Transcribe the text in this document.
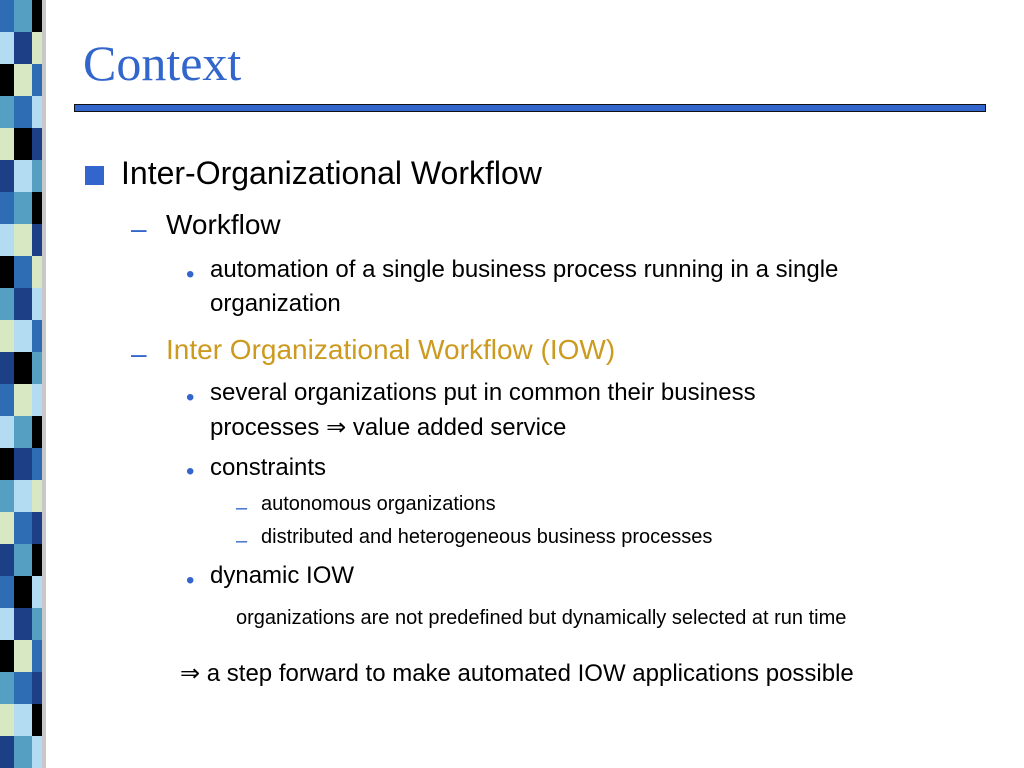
Context
Inter-Organizational Workflow
– Workflow
• automation of a single business process running in a single
organization
– Inter Organizational Workflow (IOW)
• several organizations put in common their business
processes ⇒ value added service
• constraints
– autonomous organizations
– distributed and heterogeneous business processes
• dynamic IOW
organizations are not predefined but dynamically selected at run time
⇒ a step forward to make automated IOW applications possible
